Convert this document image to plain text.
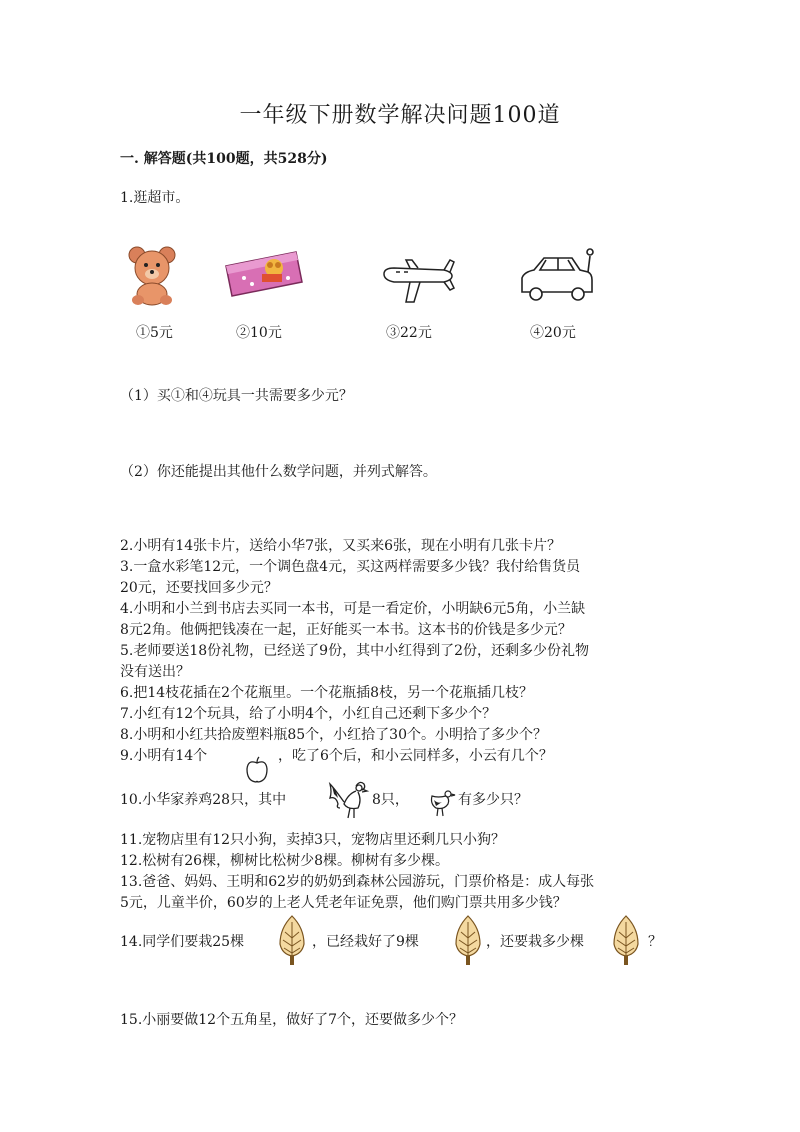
一年级下册数学解决问题100道
一. 解答题(共100题，共528分)
1.逛超市。
①5元	②10元	③22元	④20元
（1）买①和④玩具一共需要多少元？
（2）你还能提出其他什么数学问题，并列式解答。
2.小明有14张卡片，送给小华7张，又买来6张，现在小明有几张卡片？
3.一盒水彩笔12元，一个调色盘4元，买这两样需要多少钱？我付给售货员
20元，还要找回多少元？
4.小明和小兰到书店去买同一本书，可是一看定价，小明缺6元5角，小兰缺
8元2角。他俩把钱凑在一起，正好能买一本书。这本书的价钱是多少元？
5.老师要送18份礼物，已经送了9份，其中小红得到了2份，还剩多少份礼物
没有送出？
6.把14枝花插在2个花瓶里。一个花瓶插8枝，另一个花瓶插几枝？
7.小红有12个玩具，给了小明4个，小红自己还剩下多少个？
8.小明和小红共拾废塑料瓶85个，小红拾了30个。小明拾了多少个？
9.小明有14个	，吃了6个后，和小云同样多，小云有几个？
10.小华家养鸡28只，其中	8只，	有多少只？
11.宠物店里有12只小狗，卖掉3只，宠物店里还剩几只小狗？
12.松树有26棵，柳树比松树少8棵。柳树有多少棵。
13.爸爸、妈妈、王明和62岁的奶奶到森林公园游玩，门票价格是：成人每张
5元，儿童半价，60岁的上老人凭老年证免票，他们购门票共用多少钱？
14.同学们要栽25棵	，已经栽好了9棵	，还要栽多少棵	？
15.小丽要做12个五角星，做好了7个，还要做多少个？
